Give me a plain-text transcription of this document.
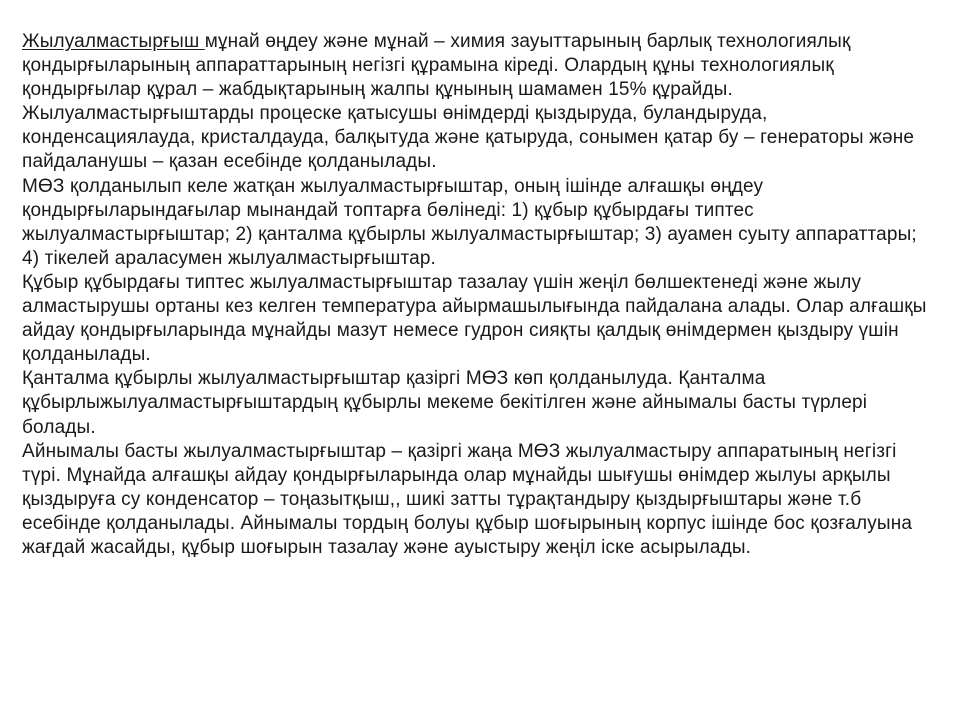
Жылуалмастырғыш мұнай өңдеу және мұнай – химия зауыттарының барлық технологиялық қондырғыларының аппараттарының негізгі құрамына кіреді. Олардың құны технологиялық қондырғылар құрал – жабдықтарының жалпы құнының шамамен 15% құрайды. Жылуалмастырғыштарды процеске қатысушы өнімдерді қыздыруда, буландыруда, конденсациялауда, кристалдауда, балқытуда және қатыруда, сонымен қатар бу – генераторы және пайдаланушы – қазан есебінде қолданылады.

МӨЗ қолданылып келе жатқан жылуалмастырғыштар, оның ішінде алғашқы өңдеу қондырғыларындағылар мынандай топтарға бөлінеді: 1) құбыр құбырдағы типтес жылуалмастырғыштар; 2) қанталма құбырлы жылуалмастырғыштар; 3) ауамен суыту аппараттары; 4) тікелей араласумен жылуалмастырғыштар.

Құбыр құбырдағы типтес жылуалмастырғыштар тазалау үшін жеңіл бөлшектенеді және жылу алмастырушы ортаны кез келген температура айырмашылығында пайдалана алады. Олар алғашқы айдау қондырғыларында мұнайды мазут немесе гудрон сияқты қалдық өнімдермен қыздыру үшін қолданылады.

Қанталма құбырлы жылуалмастырғыштар қазіргі МӨЗ көп қолданылуда. Қанталма құбырлыжылуалмастырғыштардың құбырлы мекеме бекітілген және айнымалы басты түрлері болады.

Айнымалы басты жылуалмастырғыштар – қазіргі жаңа МӨЗ жылуалмастыру аппаратының негізгі түрі. Мұнайда алғашқы айдау қондырғыларында олар мұнайды шығушы өнімдер жылуы арқылы қыздыруға су конденсатор – тоңазытқыш,, шикі затты тұрақтандыру қыздырғыштары және т.б есебінде қолданылады. Айнымалы тордың болуы құбыр шоғырының корпус ішінде бос қозғалуына жағдай жасайды, құбыр шоғырын тазалау және ауыстыру жеңіл іске асырылады.
